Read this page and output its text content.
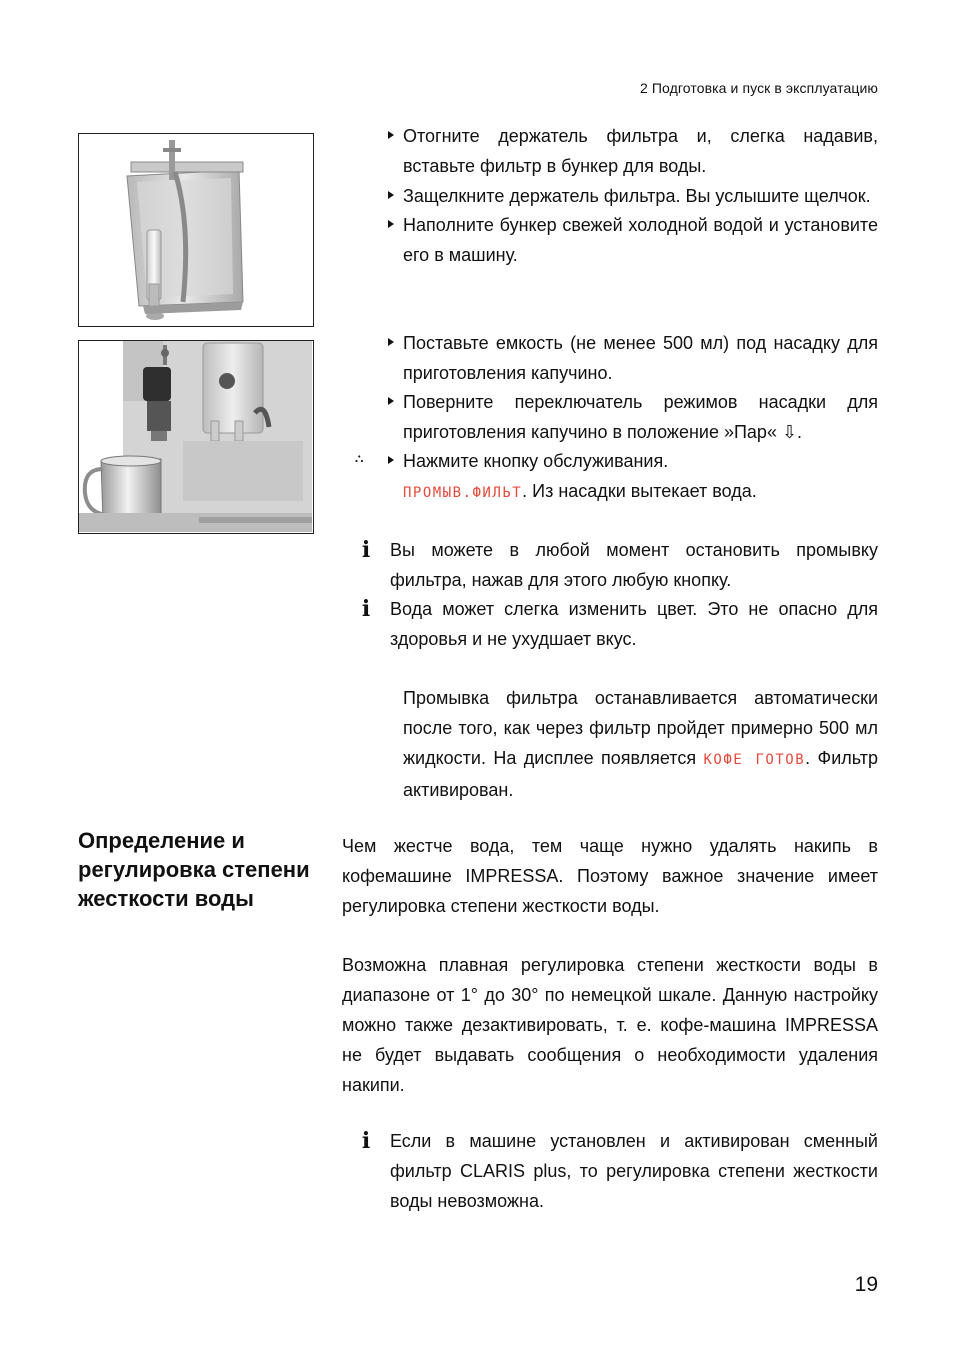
2 Подготовка и пуск в эксплуатацию
Отогните держатель фильтра и, слегка надавив, вставьте фильтр в бункер для воды.
Защелкните держатель фильтра. Вы услышите щелчок.
Наполните бункер свежей холодной водой и установите его в машину.
Поставьте емкость (не менее 500 мл) под насадку для приготовления капучино.
Поверните переключатель режимов насадки для приготовления капучино в положение »Пар« ⇩.
⛬ Нажмите кнопку обслуживания.
ПРОМЫВ.ФИЛЬТ. Из насадки вытекает вода.
i	Вы можете в любой момент остановить промывку фильтра, нажав для этого любую кнопку.
i	Вода может слегка изменить цвет. Это не опасно для здоровья и не ухудшает вкус.
Промывка фильтра останавливается автоматически после того, как через фильтр пройдет примерно 500 мл жидкости. На дисплее появляется КОФЕ ГОТОВ. Фильтр активирован.
Определение и регулировка степени жесткости воды
Чем жестче вода, тем чаще нужно удалять накипь в кофемашине IMPRESSA. Поэтому важное значение имеет регулировка степени жесткости воды.
Возможна плавная регулировка степени жесткости воды в диапазоне от 1° до 30° по немецкой шкале. Данную настройку можно также дезактивировать, т. е. кофе-машина IMPRESSA не будет выдавать сообщения о необходимости удаления накипи.
i	Если в машине установлен и активирован сменный фильтр CLARIS plus, то регулировка степени жесткости воды невозможна.
19
